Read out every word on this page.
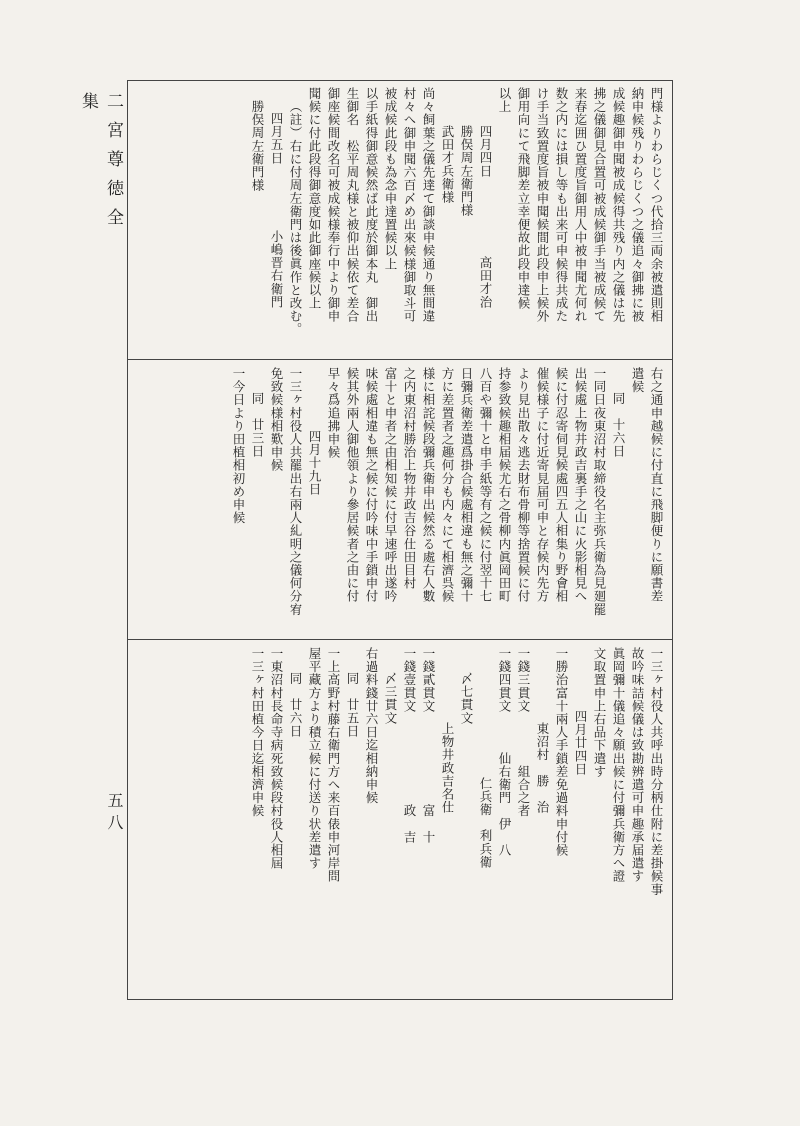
二宮尊徳全集
五八
門様よりわらじくつ代拾三両余被遣則相
納申候残りわらじくつ之儀追々御拂に被
成候趣御申聞被成候得共残り内之儀は先
拂之儀御見合置可被成候御手当被成候て
来春迄囲ひ置度旨御用人中被申聞尤何れ
数之内には損し等も出来可申候得共成た
け手当致置度旨被申聞候間此段申上候外
御用向にて飛脚差立幸便故此段申達候
以上
四月四日　　　　　　高田才治
勝俣周左衛門様
武田才兵衛様
尚々飼葉之儀先達て御談申候通り無間違
村々へ御申聞六百〆め出來候様御取斗可
被成候此段も為念申達置候以上
以手紙得御意候然ば此度於御本丸　御出
生御名　松平周丸様と被仰出候依て差合
御座候間改名可被成候様奉行中より御申
聞候に付此段得御意度如此御座候以上
（註）右に付周左衛門は後眞作と改む。
四月五日　　　　　小嶋晋右衛門
勝俣周左衛門様
右之通申越候に付直に飛脚便りに願書差
遣候
同　十六日
一同日夜東沼村取締役名主弥兵衛為見廻罷
出候處上物井政吉裏手之山に火影相見へ
候に付忍寄伺見候處四五人相集り野會相
催候様子に付近寄見届可申と存候内先方
より見出散々逃去財布骨柳等捨置候に付
持参致候趣相届候尤右之骨柳内眞岡田町
八百や彌十と申手紙等有之候に付翌十七
日彌兵衛差遣爲掛合候處相違も無之彌十
方に差置者之趣何分も内々にて相濟呉候
様に相詫候段彌兵衛申出候然る處右人數
之内東沼村勝治上物井政吉谷仕田目村
富十と申者之由相知候に付早速呼出遂吟
味候處相違も無之候に付吟味中手鎖申付
候其外兩人御他領より參居候者之由に付
早々爲追拂申候
四月十九日
一三ヶ村役人共罷出右兩人糺明之儀何分宥
免致候様相歎申候
同　廿三日
一今日より田植相初め申候
一三ヶ村役人共呼出時分柄仕附に差掛候事
故吟味詰候儀は致勘辨遣可申趣承届遣す
眞岡彌十儀追々願出候に付彌兵衛方へ證
文取置申上右品下遣す
四月廿四日
一勝治富十兩人手鎖差免過料申付候
東沼村　勝　治
一錢三貫文　　　　組合之者
一錢四貫文　　　仙右衛門　伊　八
　　　　　　　　仁兵衛　利兵衛
〆七貫文
上物井政吉名仕
一錢貳貫文　　　　　　　富　十
一錢壹貫文　　　　　　　政　吉
〆三貫文
右過料錢廿六日迄相納申候
同　廿五日
一上高野村藤右衛門方へ来百俵申河岸問
屋平藏方より積立候に付送り状差遣す
同　廿六日
一東沼村長命寺病死致候段村役人相屆
一三ヶ村田植今日迄相濟申候
